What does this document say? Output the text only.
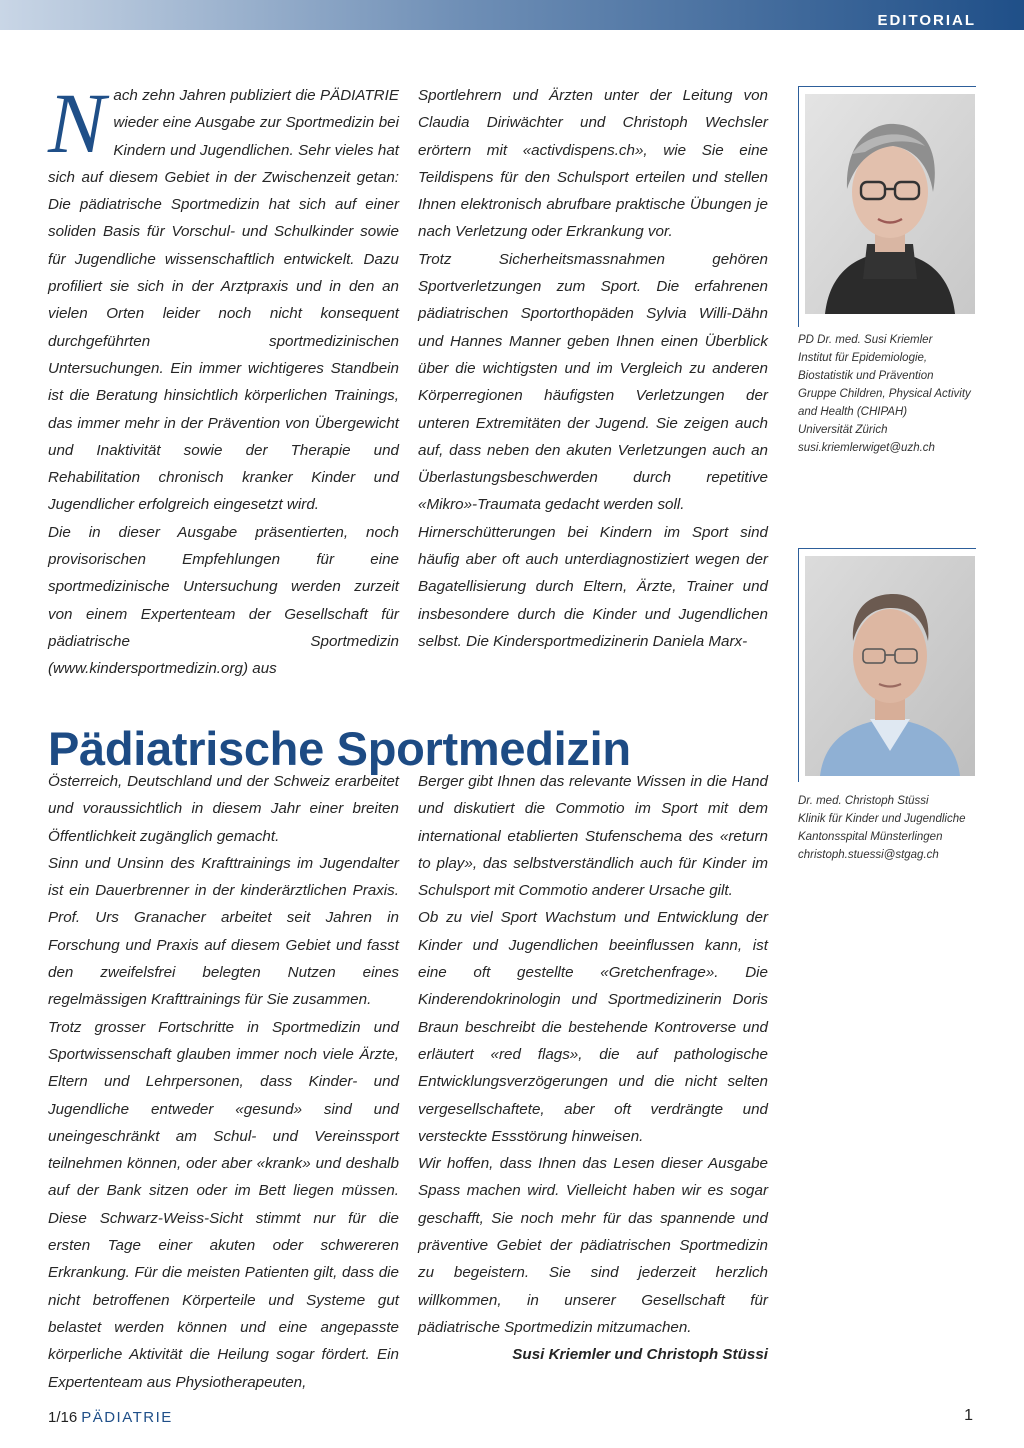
EDITORIAL
N ach zehn Jahren publiziert die PÄDIATRIE wieder eine Ausgabe zur Sportmedizin bei Kindern und Jugendlichen. Sehr vieles hat sich auf diesem Gebiet in der Zwischenzeit getan: Die pädiatrische Sportmedizin hat sich auf einer soliden Basis für Vorschul- und Schulkinder sowie für Jugendliche wissenschaftlich entwickelt. Dazu profiliert sie sich in der Arztpraxis und in den an vielen Orten leider noch nicht konsequent durchgeführten sportmedizinischen Untersuchungen. Ein immer wichtigeres Standbein ist die Beratung hinsichtlich körperlichen Trainings, das immer mehr in der Prävention von Übergewicht und Inaktivität sowie der Therapie und Rehabilitation chronisch kranker Kinder und Jugendlicher erfolgreich eingesetzt wird.

Die in dieser Ausgabe präsentierten, noch provisorischen Empfehlungen für eine sportmedizinische Untersuchung werden zurzeit von einem Expertenteam der Gesellschaft für pädiatrische Sportmedizin (www.kindersportmedizin.org) aus

Sportlehrern und Ärzten unter der Leitung von Claudia Diriwächter und Christoph Wechsler erörtern mit «activdispens.ch», wie Sie eine Teildispens für den Schulsport erteilen und stellen Ihnen elektronisch abrufbare praktische Übungen je nach Verletzung oder Erkrankung vor.

Trotz Sicherheitsmassnahmen gehören Sportverletzungen zum Sport. Die erfahrenen pädiatrischen Sportorthopäden Sylvia Willi-Dähn und Hannes Manner geben Ihnen einen Überblick über die wichtigsten und im Vergleich zu anderen Körperregionen häufigsten Verletzungen der unteren Extremitäten der Jugend. Sie zeigen auch auf, dass neben den akuten Verletzungen auch an Überlastungsbeschwerden durch repetitive «Mikro»-Traumata gedacht werden soll.

Hirnerschütterungen bei Kindern im Sport sind häufig aber oft auch unterdiagnostiziert wegen der Bagatellisierung durch Eltern, Ärzte, Trainer und insbesondere durch die Kinder und Jugendlichen selbst. Die Kindersportmedizinerin Daniela Marx-

Pädiatrische Sportmedizin

Österreich, Deutschland und der Schweiz erarbeitet und voraussichtlich in diesem Jahr einer breiten Öffentlichkeit zugänglich gemacht.

Sinn und Unsinn des Krafttrainings im Jugendalter ist ein Dauerbrenner in der kinderärztlichen Praxis. Prof. Urs Granacher arbeitet seit Jahren in Forschung und Praxis auf diesem Gebiet und fasst den zweifelsfrei belegten Nutzen eines regelmässigen Krafttrainings für Sie zusammen.

Trotz grosser Fortschritte in Sportmedizin und Sportwissenschaft glauben immer noch viele Ärzte, Eltern und Lehrpersonen, dass Kinder- und Jugendliche entweder «gesund» sind und uneingeschränkt am Schul- und Vereinssport teilnehmen können, oder aber «krank» und deshalb auf der Bank sitzen oder im Bett liegen müssen. Diese Schwarz-Weiss-Sicht stimmt nur für die ersten Tage einer akuten oder schwereren Erkrankung. Für die meisten Patienten gilt, dass die nicht betroffenen Körperteile und Systeme gut belastet werden können und eine angepasste körperliche Aktivität die Heilung sogar fördert. Ein Expertenteam aus Physiotherapeuten,

Berger gibt Ihnen das relevante Wissen in die Hand und diskutiert die Commotio im Sport mit dem international etablierten Stufenschema des «return to play», das selbstverständlich auch für Kinder im Schulsport mit Commotio anderer Ursache gilt.

Ob zu viel Sport Wachstum und Entwicklung der Kinder und Jugendlichen beeinflussen kann, ist eine oft gestellte «Gretchenfrage». Die Kinderendokrinologin und Sportmedizinerin Doris Braun beschreibt die bestehende Kontroverse und erläutert «red flags», die auf pathologische Entwicklungsverzögerungen und die nicht selten vergesellschaftete, aber oft verdrängte und versteckte Essstörung hinweisen.

Wir hoffen, dass Ihnen das Lesen dieser Ausgabe Spass machen wird. Vielleicht haben wir es sogar geschafft, Sie noch mehr für das spannende und präventive Gebiet der pädiatrischen Sportmedizin zu begeistern. Sie sind jederzeit herzlich willkommen, in unserer Gesellschaft für pädiatrische Sportmedizin mitzumachen.

Susi Kriemler und Christoph Stüssi

PD Dr. med. Susi Kriemler
Institut für Epidemiologie,
Biostatistik und Prävention
Gruppe Children, Physical Activity
and Health (CHIPAH)
Universität Zürich
susi.kriemlerwiget@uzh.ch
Dr. med. Christoph Stüssi
Klinik für Kinder und Jugendliche
Kantonsspital Münsterlingen
christoph.stuessi@stgag.ch
1/16 PÄDIATRIE	1
